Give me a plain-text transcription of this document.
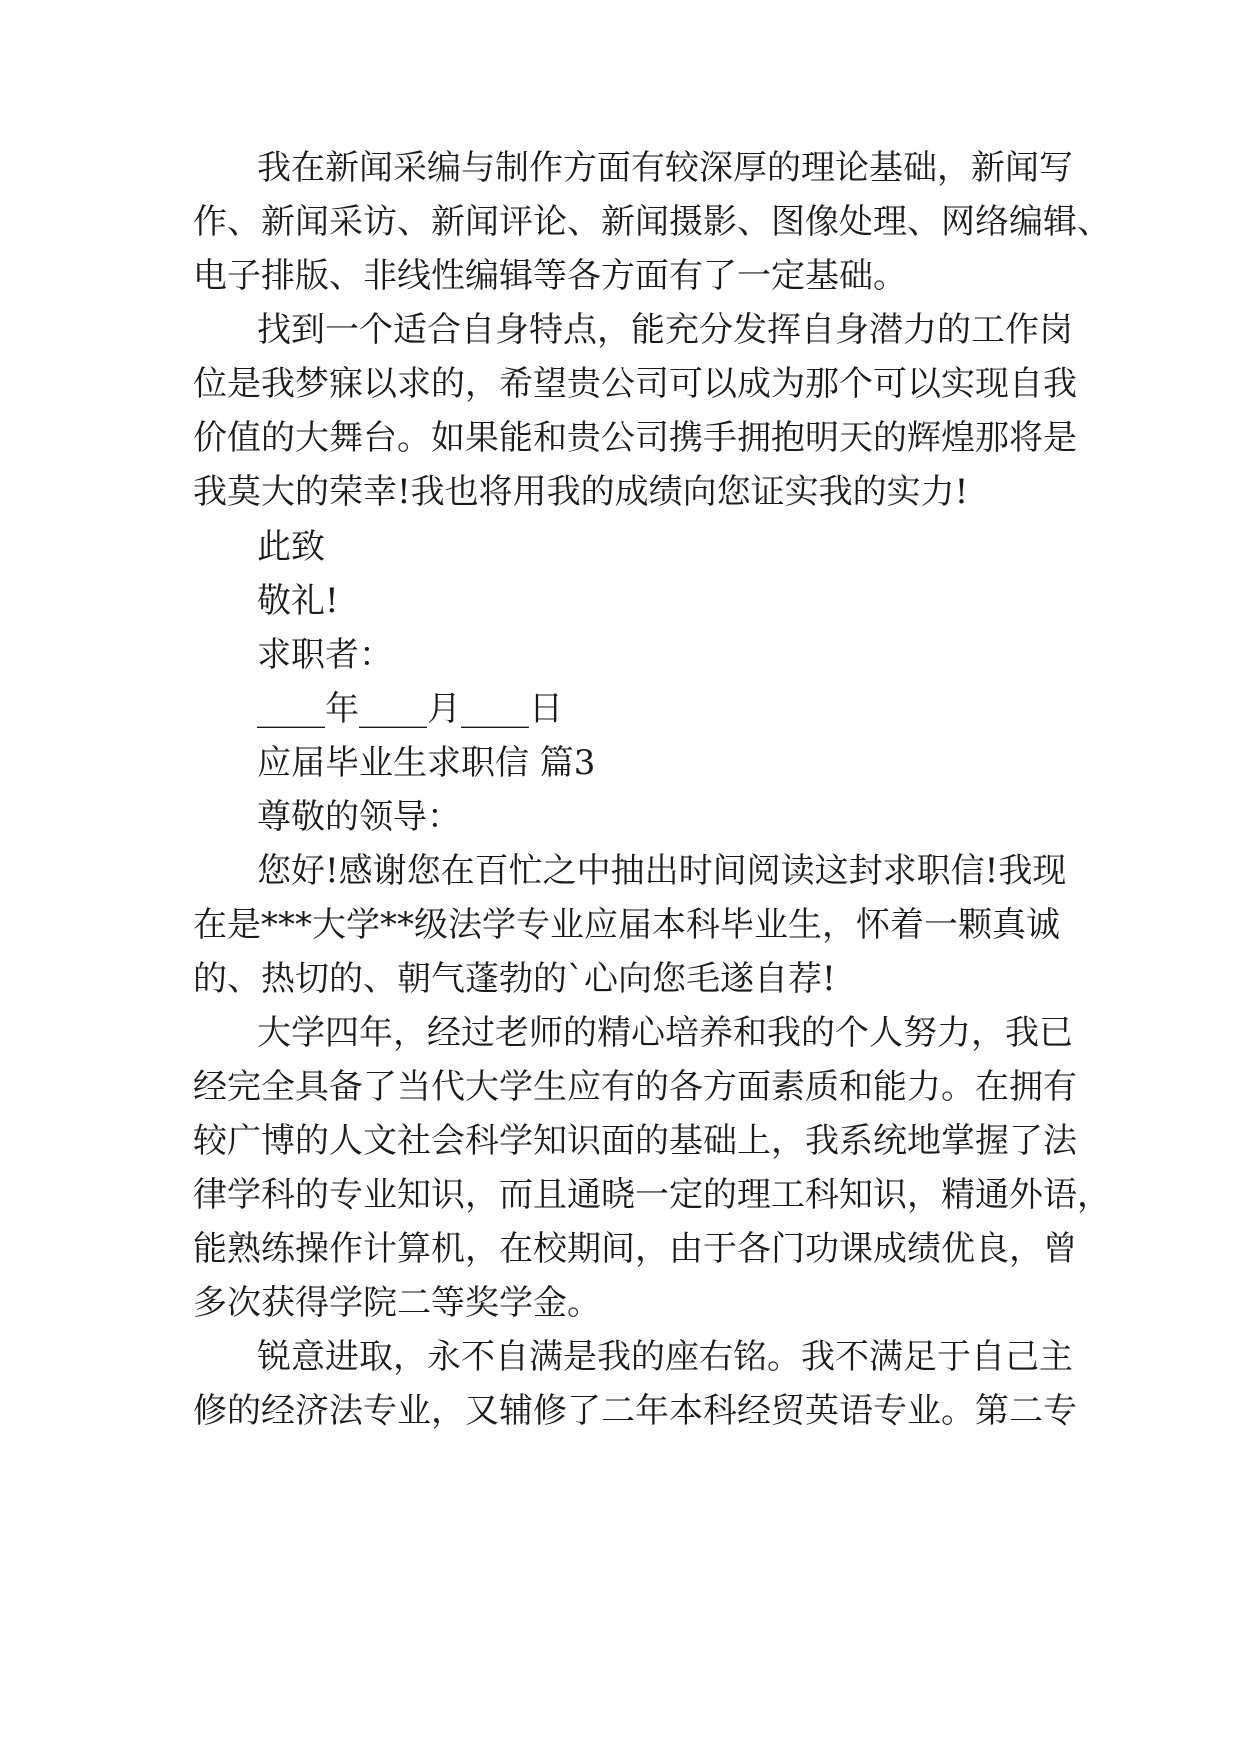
我在新闻采编与制作方面有较深厚的理论基础，新闻写
作、新闻采访、新闻评论、新闻摄影、图像处理、网络编辑、
电子排版、非线性编辑等各方面有了一定基础。
找到一个适合自身特点，能充分发挥自身潜力的工作岗
位是我梦寐以求的，希望贵公司可以成为那个可以实现自我
价值的大舞台。如果能和贵公司携手拥抱明天的辉煌那将是
我莫大的荣幸!我也将用我的成绩向您证实我的实力!
此致
敬礼!
求职者：
____年____月____日
应届毕业生求职信 篇3
尊敬的领导：
您好!感谢您在百忙之中抽出时间阅读这封求职信!我现
在是***大学**级法学专业应届本科毕业生，怀着一颗真诚
的、热切的、朝气蓬勃的`心向您毛遂自荐!
大学四年，经过老师的精心培养和我的个人努力，我已
经完全具备了当代大学生应有的各方面素质和能力。在拥有
较广博的人文社会科学知识面的基础上，我系统地掌握了法
律学科的专业知识，而且通晓一定的理工科知识，精通外语，
能熟练操作计算机，在校期间，由于各门功课成绩优良，曾
多次获得学院二等奖学金。
锐意进取，永不自满是我的座右铭。我不满足于自己主
修的经济法专业，又辅修了二年本科经贸英语专业。第二专
